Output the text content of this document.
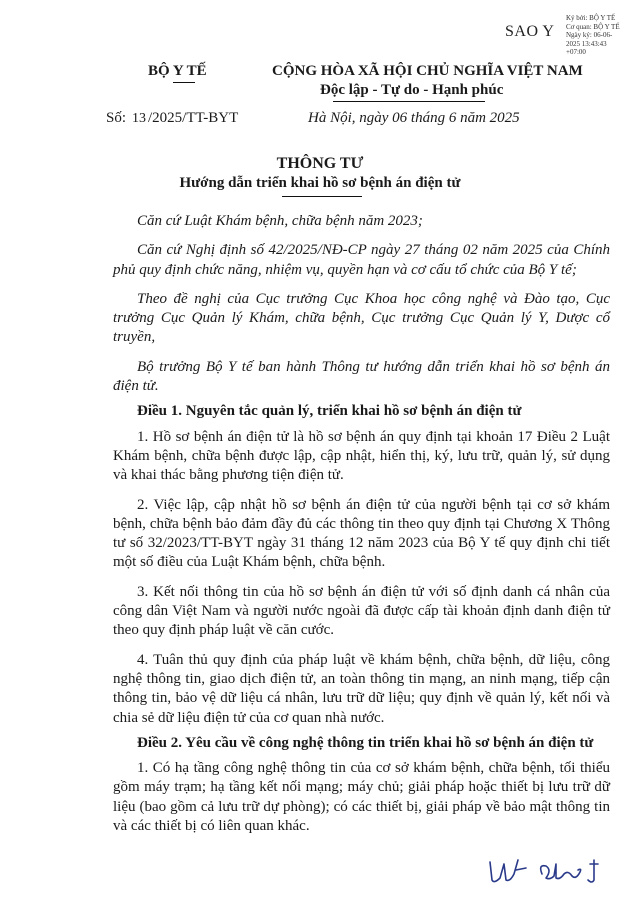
Ký bởi: BỘ Y TẾ
Cơ quan: BỘ Y TẾ
Ngày ký: 06-06-
2025 13:43:43
+07:00
SAO Y
BỘ Y TẾ	CỘNG HÒA XÃ HỘI CHỦ NGHĨA VIỆT NAM
Độc lập - Tự do - Hạnh phúc
Số: 13 /2025/TT-BYT	Hà Nội, ngày 06 tháng 6 năm 2025
THÔNG TƯ
Hướng dẫn triển khai hồ sơ bệnh án điện tử

Căn cứ Luật Khám bệnh, chữa bệnh năm 2023;

Căn cứ Nghị định số 42/2025/NĐ-CP ngày 27 tháng 02 năm 2025 của Chính phủ quy định chức năng, nhiệm vụ, quyền hạn và cơ cấu tổ chức của Bộ Y tế;

Theo đề nghị của Cục trưởng Cục Khoa học công nghệ và Đào tạo, Cục trưởng Cục Quản lý Khám, chữa bệnh, Cục trưởng Cục Quản lý Y, Dược cổ truyền,

Bộ trưởng Bộ Y tế ban hành Thông tư hướng dẫn triển khai hồ sơ bệnh án điện tử.

Điều 1. Nguyên tắc quản lý, triển khai hồ sơ bệnh án điện tử

1. Hồ sơ bệnh án điện tử là hồ sơ bệnh án quy định tại khoản 17 Điều 2 Luật Khám bệnh, chữa bệnh được lập, cập nhật, hiển thị, ký, lưu trữ, quản lý, sử dụng và khai thác bằng phương tiện điện tử.

2. Việc lập, cập nhật hồ sơ bệnh án điện tử của người bệnh tại cơ sở khám bệnh, chữa bệnh bảo đảm đầy đủ các thông tin theo quy định tại Chương X Thông tư số 32/2023/TT-BYT ngày 31 tháng 12 năm 2023 của Bộ Y tế quy định chi tiết một số điều của Luật Khám bệnh, chữa bệnh.

3. Kết nối thông tin của hồ sơ bệnh án điện tử với số định danh cá nhân của công dân Việt Nam và người nước ngoài đã được cấp tài khoản định danh điện tử theo quy định pháp luật về căn cước.

4. Tuân thủ quy định của pháp luật về khám bệnh, chữa bệnh, dữ liệu, công nghệ thông tin, giao dịch điện tử, an toàn thông tin mạng, an ninh mạng, tiếp cận thông tin, bảo vệ dữ liệu cá nhân, lưu trữ dữ liệu; quy định về quản lý, kết nối và chia sẻ dữ liệu điện tử của cơ quan nhà nước.

Điều 2. Yêu cầu về công nghệ thông tin triển khai hồ sơ bệnh án điện tử

1. Có hạ tầng công nghệ thông tin của cơ sở khám bệnh, chữa bệnh, tối thiểu gồm máy trạm; hạ tầng kết nối mạng; máy chủ; giải pháp hoặc thiết bị lưu trữ dữ liệu (bao gồm cả lưu trữ dự phòng); có các thiết bị, giải pháp về bảo mật thông tin và các thiết bị có liên quan khác.
